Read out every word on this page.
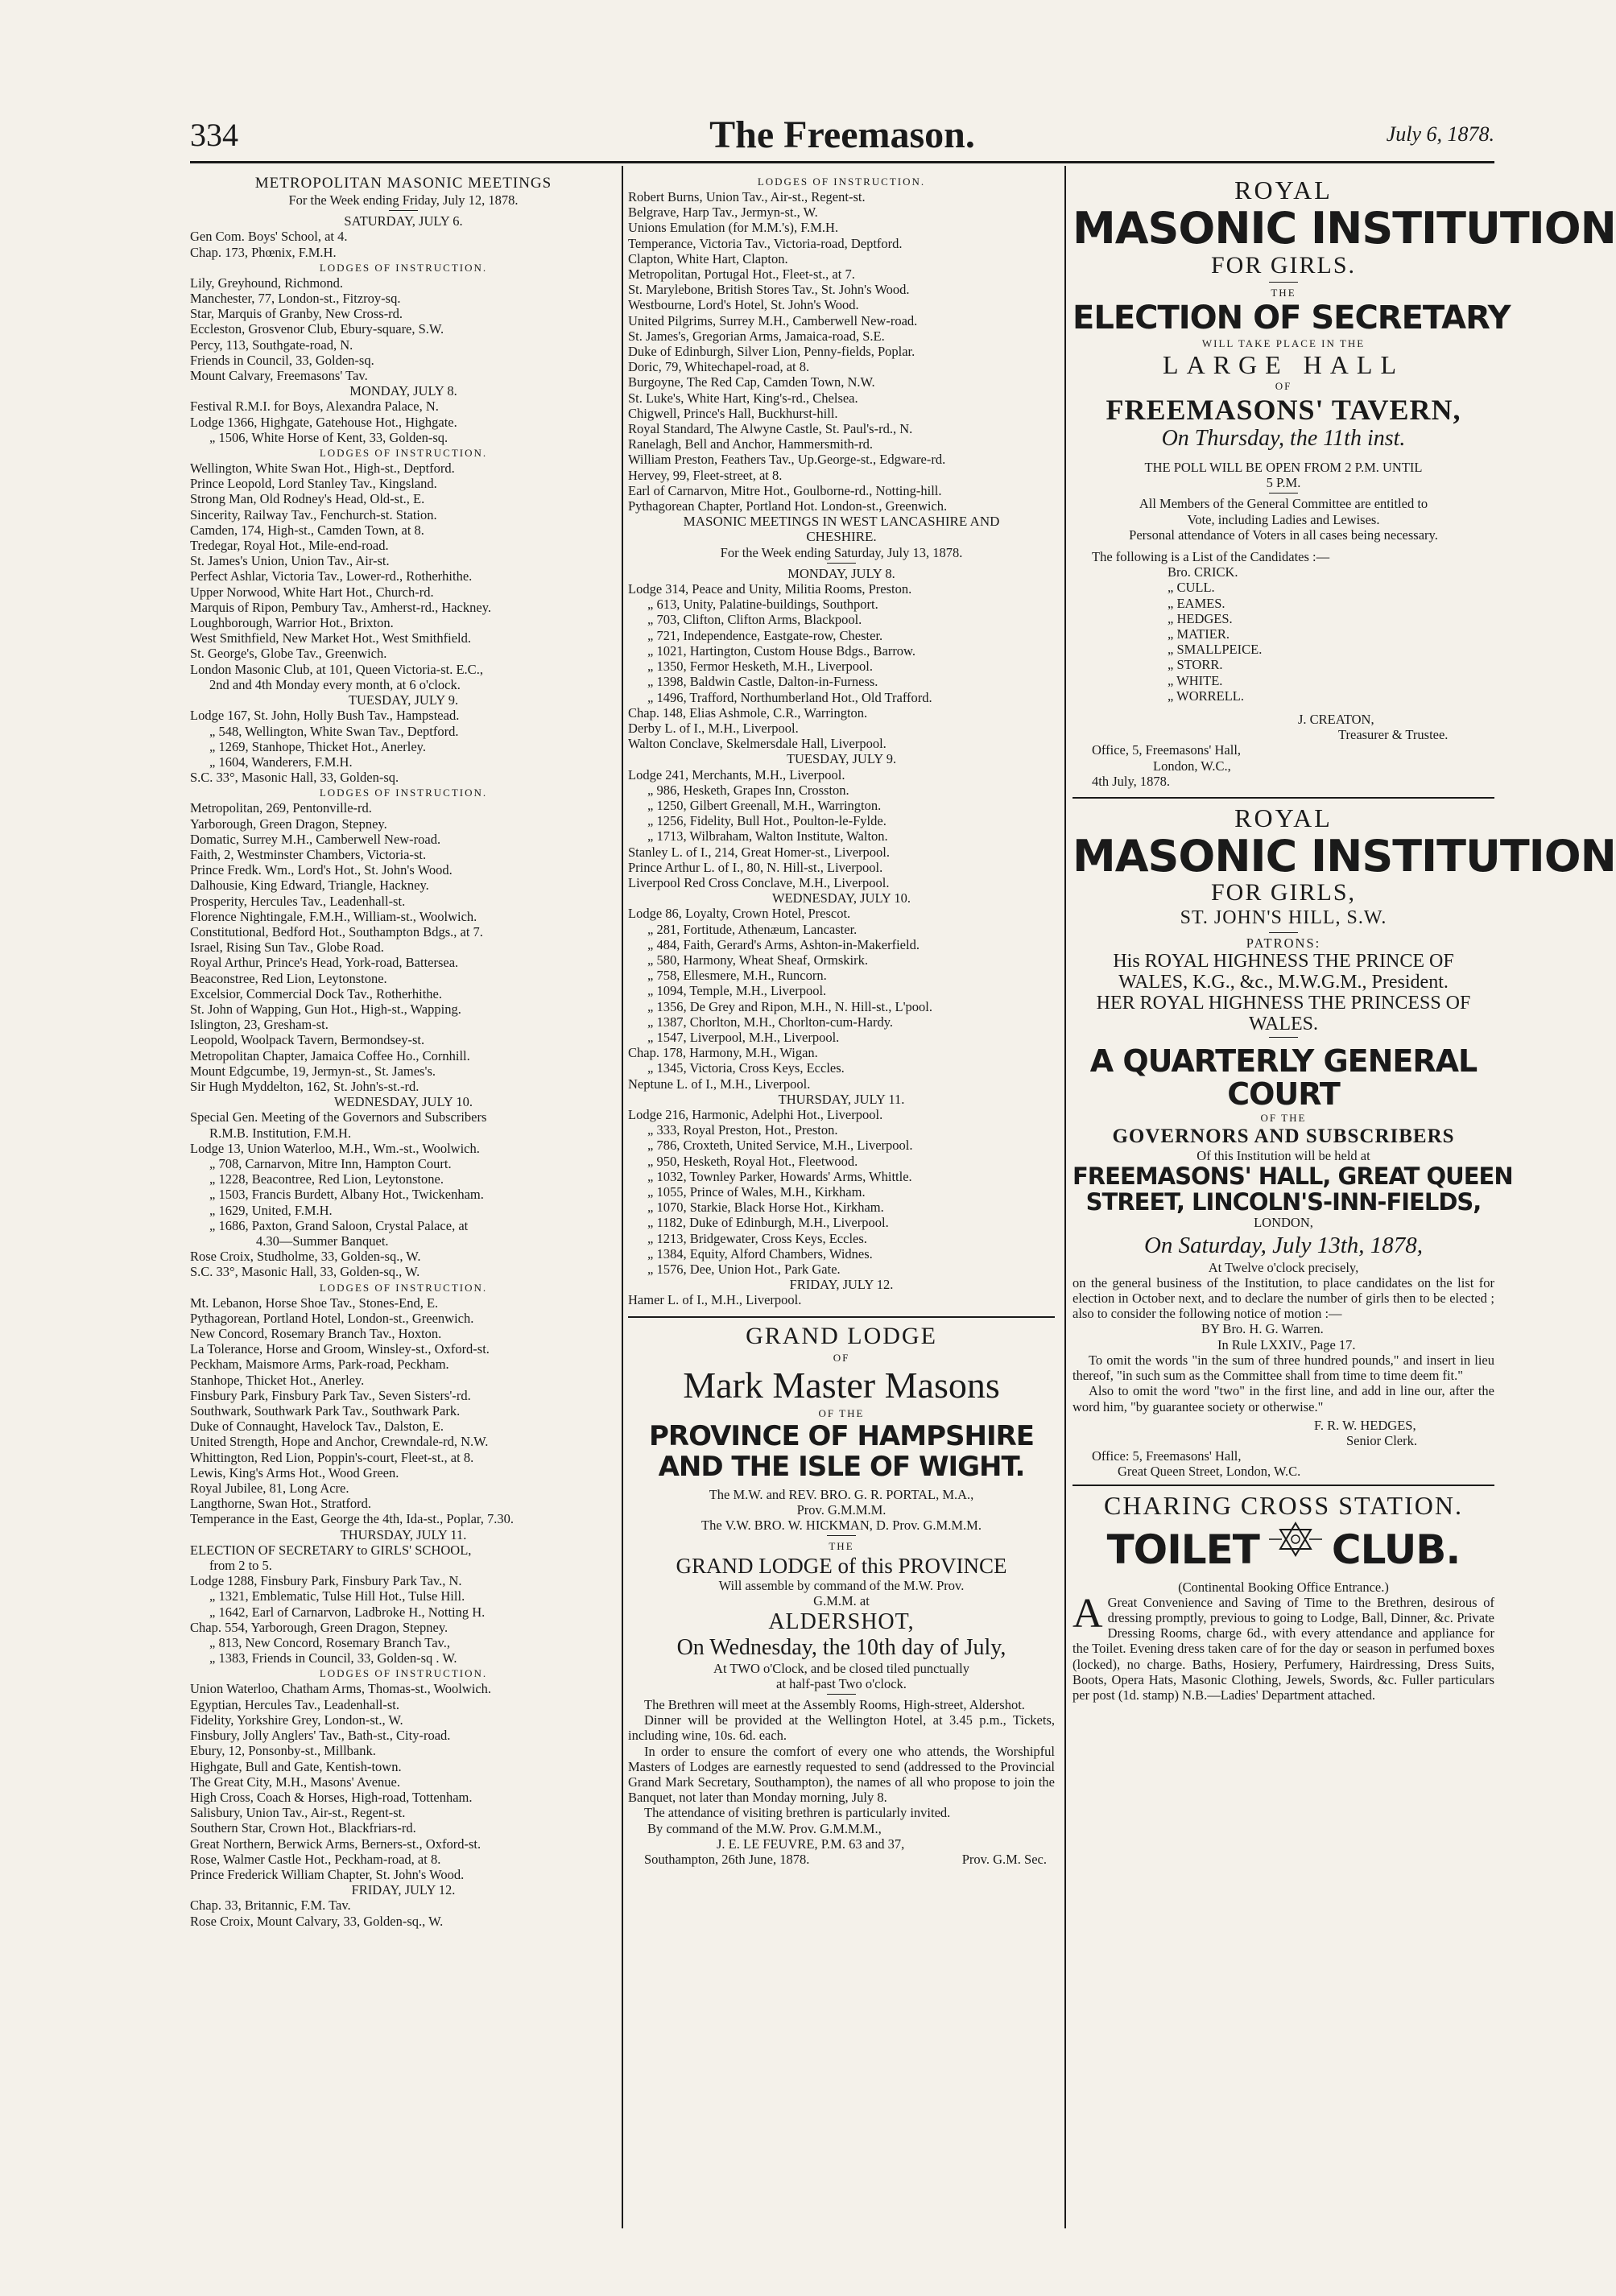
334	The Freemason.	July 6, 1878.
METROPOLITAN MASONIC MEETINGS
For the Week ending Friday, July 12, 1878.
SATURDAY, JULY 6.
Gen Com. Boys' School, at 4.
Chap. 173, Phœnix, F.M.H.
LODGES OF INSTRUCTION.
Lily, Greyhound, Richmond.
Manchester, 77, London-st., Fitzroy-sq.
Star, Marquis of Granby, New Cross-rd.
Eccleston, Grosvenor Club, Ebury-square, S.W.
Percy, 113, Southgate-road, N.
Friends in Council, 33, Golden-sq.
Mount Calvary, Freemasons' Tav.
MONDAY, JULY 8.
Festival R.M.I. for Boys, Alexandra Palace, N.
Lodge 1366, Highgate, Gatehouse Hot., Highgate.
„ 1506, White Horse of Kent, 33, Golden-sq.
LODGES OF INSTRUCTION.
Wellington, White Swan Hot., High-st., Deptford.
Prince Leopold, Lord Stanley Tav., Kingsland.
Strong Man, Old Rodney's Head, Old-st., E.
Sincerity, Railway Tav., Fenchurch-st. Station.
Camden, 174, High-st., Camden Town, at 8.
Tredegar, Royal Hot., Mile-end-road.
St. James's Union, Union Tav., Air-st.
Perfect Ashlar, Victoria Tav., Lower-rd., Rotherhithe.
Upper Norwood, White Hart Hot., Church-rd.
Marquis of Ripon, Pembury Tav., Amherst-rd., Hackney.
Loughborough, Warrior Hot., Brixton.
West Smithfield, New Market Hot., West Smithfield.
St. George's, Globe Tav., Greenwich.
London Masonic Club, at 101, Queen Victoria-st. E.C.,
2nd and 4th Monday every month, at 6 o'clock.
TUESDAY, JULY 9.
Lodge 167, St. John, Holly Bush Tav., Hampstead.
„ 548, Wellington, White Swan Tav., Deptford.
„ 1269, Stanhope, Thicket Hot., Anerley.
„ 1604, Wanderers, F.M.H.
S.C. 33°, Masonic Hall, 33, Golden-sq.
LODGES OF INSTRUCTION.
Metropolitan, 269, Pentonville-rd.
Yarborough, Green Dragon, Stepney.
Domatic, Surrey M.H., Camberwell New-road.
Faith, 2, Westminster Chambers, Victoria-st.
Prince Fredk. Wm., Lord's Hot., St. John's Wood.
Dalhousie, King Edward, Triangle, Hackney.
Prosperity, Hercules Tav., Leadenhall-st.
Florence Nightingale, F.M.H., William-st., Woolwich.
Constitutional, Bedford Hot., Southampton Bdgs., at 7.
Israel, Rising Sun Tav., Globe Road.
Royal Arthur, Prince's Head, York-road, Battersea.
Beaconstree, Red Lion, Leytonstone.
Excelsior, Commercial Dock Tav., Rotherhithe.
St. John of Wapping, Gun Hot., High-st., Wapping.
Islington, 23, Gresham-st.
Leopold, Woolpack Tavern, Bermondsey-st.
Metropolitan Chapter, Jamaica Coffee Ho., Cornhill.
Mount Edgcumbe, 19, Jermyn-st., St. James's.
Sir Hugh Myddelton, 162, St. John's-st.-rd.
WEDNESDAY, JULY 10.
Special Gen. Meeting of the Governors and Subscribers
R.M.B. Institution, F.M.H.
Lodge 13, Union Waterloo, M.H., Wm.-st., Woolwich.
„ 708, Carnarvon, Mitre Inn, Hampton Court.
„ 1228, Beacontree, Red Lion, Leytonstone.
„ 1503, Francis Burdett, Albany Hot., Twickenham.
„ 1629, United, F.M.H.
„ 1686, Paxton, Grand Saloon, Crystal Palace, at
4.30—Summer Banquet.
Rose Croix, Studholme, 33, Golden-sq., W.
S.C. 33°, Masonic Hall, 33, Golden-sq., W.
LODGES OF INSTRUCTION.
Mt. Lebanon, Horse Shoe Tav., Stones-End, E.
Pythagorean, Portland Hotel, London-st., Greenwich.
New Concord, Rosemary Branch Tav., Hoxton.
La Tolerance, Horse and Groom, Winsley-st., Oxford-st.
Peckham, Maismore Arms, Park-road, Peckham.
Stanhope, Thicket Hot., Anerley.
Finsbury Park, Finsbury Park Tav., Seven Sisters'-rd.
Southwark, Southwark Park Tav., Southwark Park.
Duke of Connaught, Havelock Tav., Dalston, E.
United Strength, Hope and Anchor, Crewndale-rd, N.W.
Whittington, Red Lion, Poppin's-court, Fleet-st., at 8.
Lewis, King's Arms Hot., Wood Green.
Royal Jubilee, 81, Long Acre.
Langthorne, Swan Hot., Stratford.
Temperance in the East, George the 4th, Ida-st., Poplar, 7.30.
THURSDAY, JULY 11.
ELECTION OF SECRETARY to GIRLS' SCHOOL,
from 2 to 5.
Lodge 1288, Finsbury Park, Finsbury Park Tav., N.
„ 1321, Emblematic, Tulse Hill Hot., Tulse Hill.
„ 1642, Earl of Carnarvon, Ladbroke H., Notting H.
Chap. 554, Yarborough, Green Dragon, Stepney.
„ 813, New Concord, Rosemary Branch Tav.,
„ 1383, Friends in Council, 33, Golden-sq . W.
LODGES OF INSTRUCTION.
Union Waterloo, Chatham Arms, Thomas-st., Woolwich.
Egyptian, Hercules Tav., Leadenhall-st.
Fidelity, Yorkshire Grey, London-st., W.
Finsbury, Jolly Anglers' Tav., Bath-st., City-road.
Ebury, 12, Ponsonby-st., Millbank.
Highgate, Bull and Gate, Kentish-town.
The Great City, M.H., Masons' Avenue.
High Cross, Coach & Horses, High-road, Tottenham.
Salisbury, Union Tav., Air-st., Regent-st.
Southern Star, Crown Hot., Blackfriars-rd.
Great Northern, Berwick Arms, Berners-st., Oxford-st.
Rose, Walmer Castle Hot., Peckham-road, at 8.
Prince Frederick William Chapter, St. John's Wood.
FRIDAY, JULY 12.
Chap. 33, Britannic, F.M. Tav.
Rose Croix, Mount Calvary, 33, Golden-sq., W.
LODGES OF INSTRUCTION.
Robert Burns, Union Tav., Air-st., Regent-st.
Belgrave, Harp Tav., Jermyn-st., W.
Unions Emulation (for M.M.'s), F.M.H.
Temperance, Victoria Tav., Victoria-road, Deptford.
Clapton, White Hart, Clapton.
Metropolitan, Portugal Hot., Fleet-st., at 7.
St. Marylebone, British Stores Tav., St. John's Wood.
Westbourne, Lord's Hotel, St. John's Wood.
United Pilgrims, Surrey M.H., Camberwell New-road.
St. James's, Gregorian Arms, Jamaica-road, S.E.
Duke of Edinburgh, Silver Lion, Penny-fields, Poplar.
Doric, 79, Whitechapel-road, at 8.
Burgoyne, The Red Cap, Camden Town, N.W.
St. Luke's, White Hart, King's-rd., Chelsea.
Chigwell, Prince's Hall, Buckhurst-hill.
Royal Standard, The Alwyne Castle, St. Paul's-rd., N.
Ranelagh, Bell and Anchor, Hammersmith-rd.
William Preston, Feathers Tav., Up.George-st., Edgware-rd.
Hervey, 99, Fleet-street, at 8.
Earl of Carnarvon, Mitre Hot., Goulborne-rd., Notting-hill.
Pythagorean Chapter, Portland Hot. London-st., Greenwich.
MASONIC MEETINGS IN WEST LANCASHIRE AND
CHESHIRE.
For the Week ending Saturday, July 13, 1878.
MONDAY, JULY 8.
Lodge 314, Peace and Unity, Militia Rooms, Preston.
„ 613, Unity, Palatine-buildings, Southport.
„ 703, Clifton, Clifton Arms, Blackpool.
„ 721, Independence, Eastgate-row, Chester.
„ 1021, Hartington, Custom House Bdgs., Barrow.
„ 1350, Fermor Hesketh, M.H., Liverpool.
„ 1398, Baldwin Castle, Dalton-in-Furness.
„ 1496, Trafford, Northumberland Hot., Old Trafford.
Chap. 148, Elias Ashmole, C.R., Warrington.
Derby L. of I., M.H., Liverpool.
Walton Conclave, Skelmersdale Hall, Liverpool.
TUESDAY, JULY 9.
Lodge 241, Merchants, M.H., Liverpool.
„ 986, Hesketh, Grapes Inn, Crosston.
„ 1250, Gilbert Greenall, M.H., Warrington.
„ 1256, Fidelity, Bull Hot., Poulton-le-Fylde.
„ 1713, Wilbraham, Walton Institute, Walton.
Stanley L. of I., 214, Great Homer-st., Liverpool.
Prince Arthur L. of I., 80, N. Hill-st., Liverpool.
Liverpool Red Cross Conclave, M.H., Liverpool.
WEDNESDAY, JULY 10.
Lodge 86, Loyalty, Crown Hotel, Prescot.
„ 281, Fortitude, Athenæum, Lancaster.
„ 484, Faith, Gerard's Arms, Ashton-in-Makerfield.
„ 580, Harmony, Wheat Sheaf, Ormskirk.
„ 758, Ellesmere, M.H., Runcorn.
„ 1094, Temple, M.H., Liverpool.
„ 1356, De Grey and Ripon, M.H., N. Hill-st., L'pool.
„ 1387, Chorlton, M.H., Chorlton-cum-Hardy.
„ 1547, Liverpool, M.H., Liverpool.
Chap. 178, Harmony, M.H., Wigan.
„ 1345, Victoria, Cross Keys, Eccles.
Neptune L. of I., M.H., Liverpool.
THURSDAY, JULY 11.
Lodge 216, Harmonic, Adelphi Hot., Liverpool.
„ 333, Royal Preston, Hot., Preston.
„ 786, Croxteth, United Service, M.H., Liverpool.
„ 950, Hesketh, Royal Hot., Fleetwood.
„ 1032, Townley Parker, Howards' Arms, Whittle.
„ 1055, Prince of Wales, M.H., Kirkham.
„ 1070, Starkie, Black Horse Hot., Kirkham.
„ 1182, Duke of Edinburgh, M.H., Liverpool.
„ 1213, Bridgewater, Cross Keys, Eccles.
„ 1384, Equity, Alford Chambers, Widnes.
„ 1576, Dee, Union Hot., Park Gate.
FRIDAY, JULY 12.
Hamer L. of I., M.H., Liverpool.
GRAND LODGE
OF
Mark Master Masons
OF THE
PROVINCE OF HAMPSHIRE
AND THE ISLE OF WIGHT.
The M.W. and REV. BRO. G. R. PORTAL, M.A.,
Prov. G.M.M.M.
The V.W. BRO. W. HICKMAN, D. Prov. G.M.M.M.
THE
GRAND LODGE of this PROVINCE
Will assemble by command of the M.W. Prov.
G.M.M. at
ALDERSHOT,
On Wednesday, the 10th day of July,
At TWO o'Clock, and be closed tiled punctually
at half-past Two o'clock.
The Brethren will meet at the Assembly Rooms, High-street, Aldershot.
Dinner will be provided at the Wellington Hotel, at 3.45 p.m., Tickets, including wine, 10s. 6d. each.
In order to ensure the comfort of every one who attends, the Worshipful Masters of Lodges are earnestly requested to send (addressed to the Provincial Grand Mark Secretary, Southampton), the names of all who propose to join the Banquet, not later than Monday morning, July 8.
The attendance of visiting brethren is particularly invited.
By command of the M.W. Prov. G.M.M.M.,
J. E. LE FEUVRE, P.M. 63 and 37,
Southampton, 26th June, 1878.	Prov. G.M. Sec.
ROYAL
MASONIC INSTITUTION
FOR GIRLS.
THE
ELECTION OF SECRETARY
WILL TAKE PLACE IN THE
LARGE HALL
OF
FREEMASONS' TAVERN,
On Thursday, the 11th inst.
THE POLL WILL BE OPEN FROM 2 P.M. UNTIL
5 P.M.
All Members of the General Committee are entitled to
Vote, including Ladies and Lewises.
Personal attendance of Voters in all cases being necessary.
The following is a List of the Candidates :—
Bro. CRICK.
„ CULL.
„ EAMES.
„ HEDGES.
„ MATIER.
„ SMALLPEICE.
„ STORR.
„ WHITE.
„ WORRELL.
J. CREATON,
Treasurer & Trustee.
Office, 5, Freemasons' Hall,
London, W.C.,
4th July, 1878.
ROYAL
MASONIC INSTITUTION
FOR GIRLS,
ST. JOHN'S HILL, S.W.
PATRONS:
His ROYAL HIGHNESS THE PRINCE OF
WALES, K.G., &c., M.W.G.M., President.
HER ROYAL HIGHNESS THE PRINCESS OF
WALES.
A QUARTERLY GENERAL
COURT
OF THE
GOVERNORS AND SUBSCRIBERS
Of this Institution will be held at
FREEMASONS' HALL, GREAT QUEEN
STREET, LINCOLN'S-INN-FIELDS,
LONDON,
On Saturday, July 13th, 1878,
At Twelve o'clock precisely,
on the general business of the Institution, to place candidates on the list for election in October next, and to declare the number of girls then to be elected ; also to consider the following notice of motion :—
BY Bro. H. G. Warren.
In Rule LXXIV., Page 17.
To omit the words "in the sum of three hundred pounds," and insert in lieu thereof, "in such sum as the Committee shall from time to time deem fit."
Also to omit the word "two" in the first line, and add in line our, after the word him, "by guarantee society or otherwise."
F. R. W. HEDGES,
Senior Clerk.
Office: 5, Freemasons' Hall,
Great Queen Street, London, W.C.
CHARING CROSS STATION.
TOILET CLUB.
(Continental Booking Office Entrance.)
A Great Convenience and Saving of Time to the Brethren, desirous of dressing promptly, previous to going to Lodge, Ball, Dinner, &c. Private Dressing Rooms, charge 6d., with every attendance and appliance for the Toilet. Evening dress taken care of for the day or season in perfumed boxes (locked), no charge. Baths, Hosiery, Perfumery, Hairdressing, Dress Suits, Boots, Opera Hats, Masonic Clothing, Jewels, Swords, &c. Fuller particulars per post (1d. stamp) N.B.—Ladies' Department attached.
